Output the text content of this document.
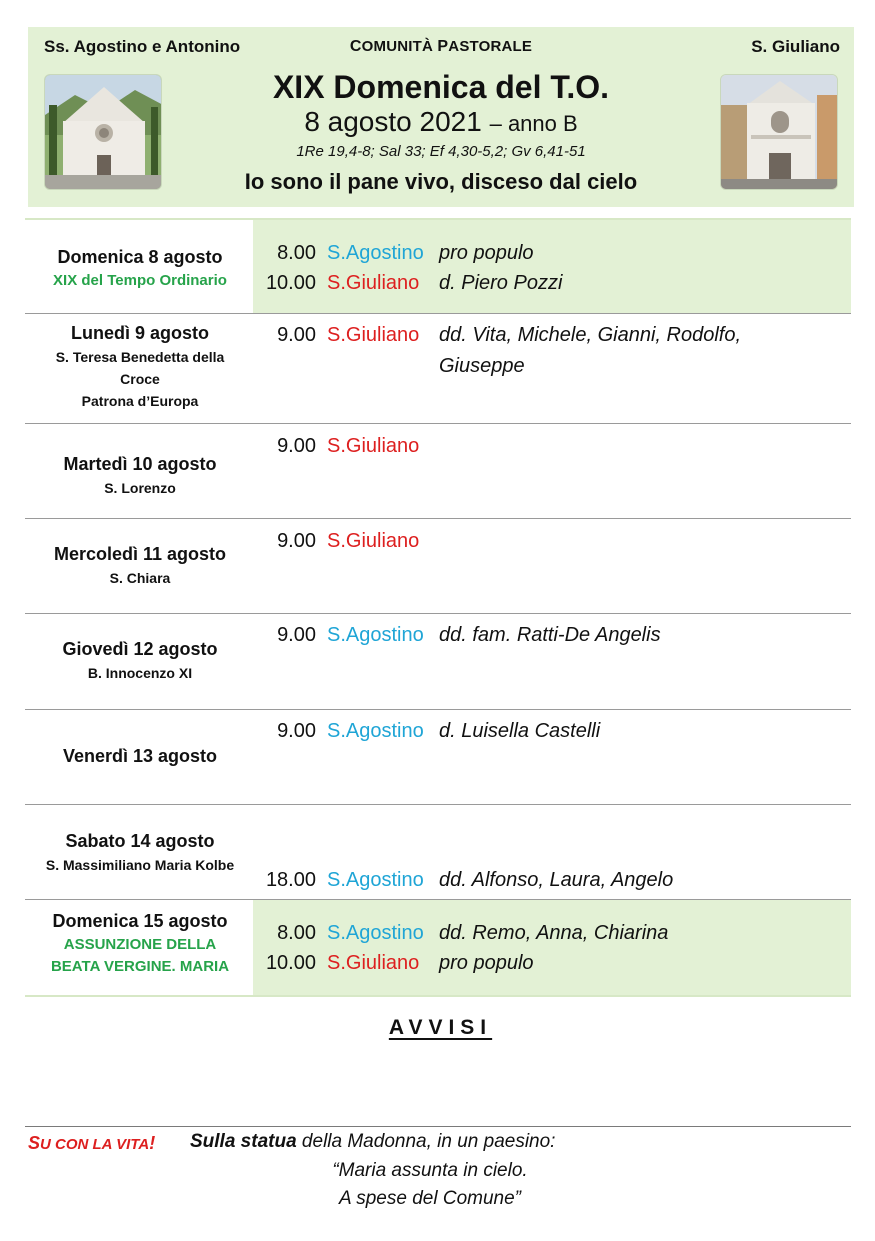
Ss. Agostino e Antonino	COMUNITÀ PASTORALE	S. Giuliano
XIX Domenica del T.O.
8 agosto 2021 – anno B
1Re 19,4-8; Sal 33; Ef 4,30-5,2; Gv 6,41-51
Io sono il pane vivo, disceso dal cielo
Domenica 8 agosto
XIX del Tempo Ordinario
8.00 S.Agostino pro populo
10.00 S.Giuliano d. Piero Pozzi
Lunedì 9 agosto
S. Teresa Benedetta della
Croce
Patrona d’Europa
9.00 S.Giuliano dd. Vita, Michele, Gianni, Rodolfo,
Giuseppe
Martedì 10 agosto
S. Lorenzo
9.00 S.Giuliano
Mercoledì 11 agosto
S. Chiara
9.00 S.Giuliano
Giovedì 12 agosto
B. Innocenzo XI
9.00 S.Agostino dd. fam. Ratti-De Angelis
Venerdì 13 agosto
9.00 S.Agostino d. Luisella Castelli
Sabato 14 agosto
S. Massimiliano Maria Kolbe
18.00 S.Agostino dd. Alfonso, Laura, Angelo
Domenica 15 agosto
ASSUNZIONE DELLA
BEATA VERGINE. MARIA
8.00 S.Agostino dd. Remo, Anna, Chiarina
10.00 S.Giuliano pro populo
AVVISI
SU CON LA VITA! Sulla statua della Madonna, in un paesino:
“Maria assunta in cielo.
A spese del Comune”
